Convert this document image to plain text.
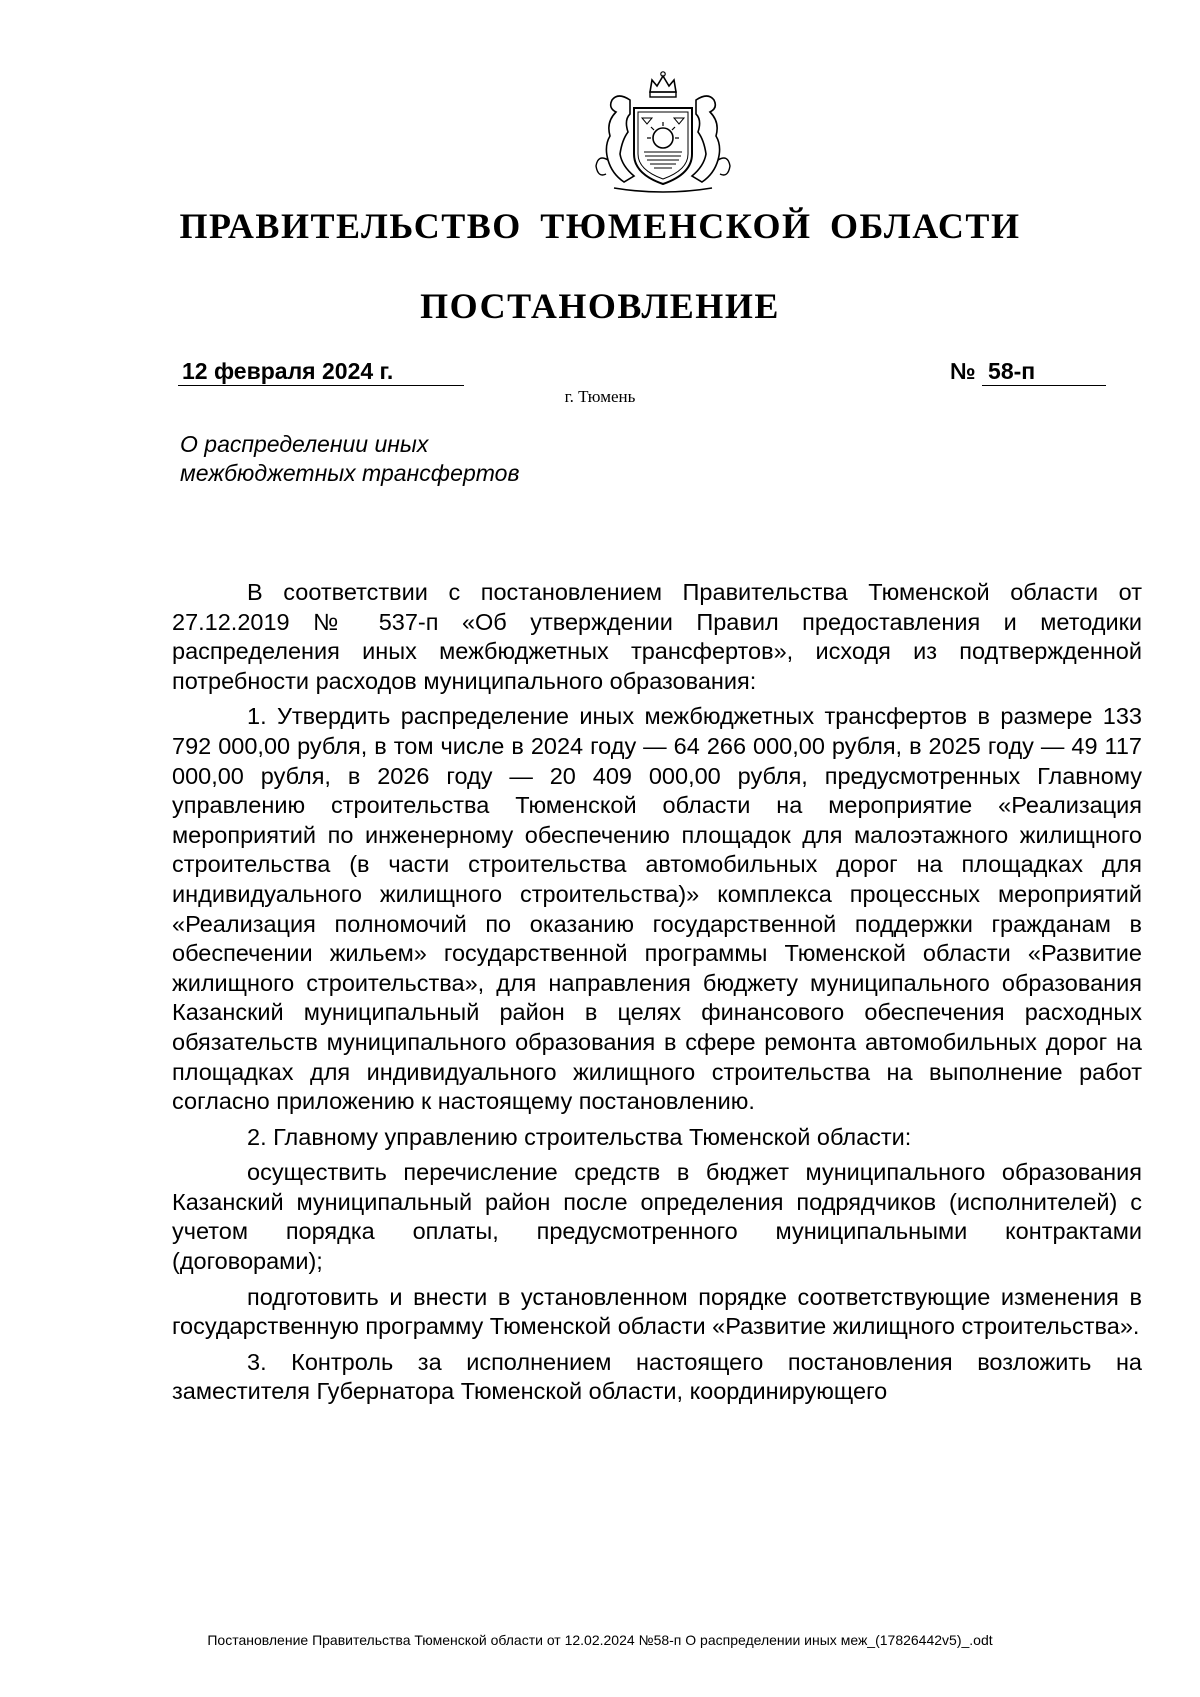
ПРАВИТЕЛЬСТВО ТЮМЕНСКОЙ ОБЛАСТИ
ПОСТАНОВЛЕНИЕ
12 февраля 2024 г.	№ 58-п
г. Тюмень
О распределении иных
межбюджетных трансфертов

В соответствии с постановлением Правительства Тюменской области от 27.12.2019 № 537-п «Об утверждении Правил предоставления и методики распределения иных межбюджетных трансфертов», исходя из подтвержденной потребности расходов муниципального образования:

1. Утвердить распределение иных межбюджетных трансфертов в размере 133 792 000,00 рубля, в том числе в 2024 году — 64 266 000,00 рубля, в 2025 году — 49 117 000,00 рубля, в 2026 году — 20 409 000,00 рубля, предусмотренных Главному управлению строительства Тюменской области на мероприятие «Реализация мероприятий по инженерному обеспечению площадок для малоэтажного жилищного строительства (в части строительства автомобильных дорог на площадках для индивидуального жилищного строительства)» комплекса процессных мероприятий «Реализация полномочий по оказанию государственной поддержки гражданам в обеспечении жильем» государственной программы Тюменской области «Развитие жилищного строительства», для направления бюджету муниципального образования Казанский муниципальный район в целях финансового обеспечения расходных обязательств муниципального образования в сфере ремонта автомобильных дорог на площадках для индивидуального жилищного строительства на выполнение работ согласно приложению к настоящему постановлению.

2. Главному управлению строительства Тюменской области:

осуществить перечисление средств в бюджет муниципального образования Казанский муниципальный район после определения подрядчиков (исполнителей) с учетом порядка оплаты, предусмотренного муниципальными контрактами (договорами);

подготовить и внести в установленном порядке соответствующие изменения в государственную программу Тюменской области «Развитие жилищного строительства».

3. Контроль за исполнением настоящего постановления возложить на заместителя Губернатора Тюменской области, координирующего

Постановление Правительства Тюменской области от 12.02.2024 №58-п О распределении иных меж_(17826442v5)_.odt
